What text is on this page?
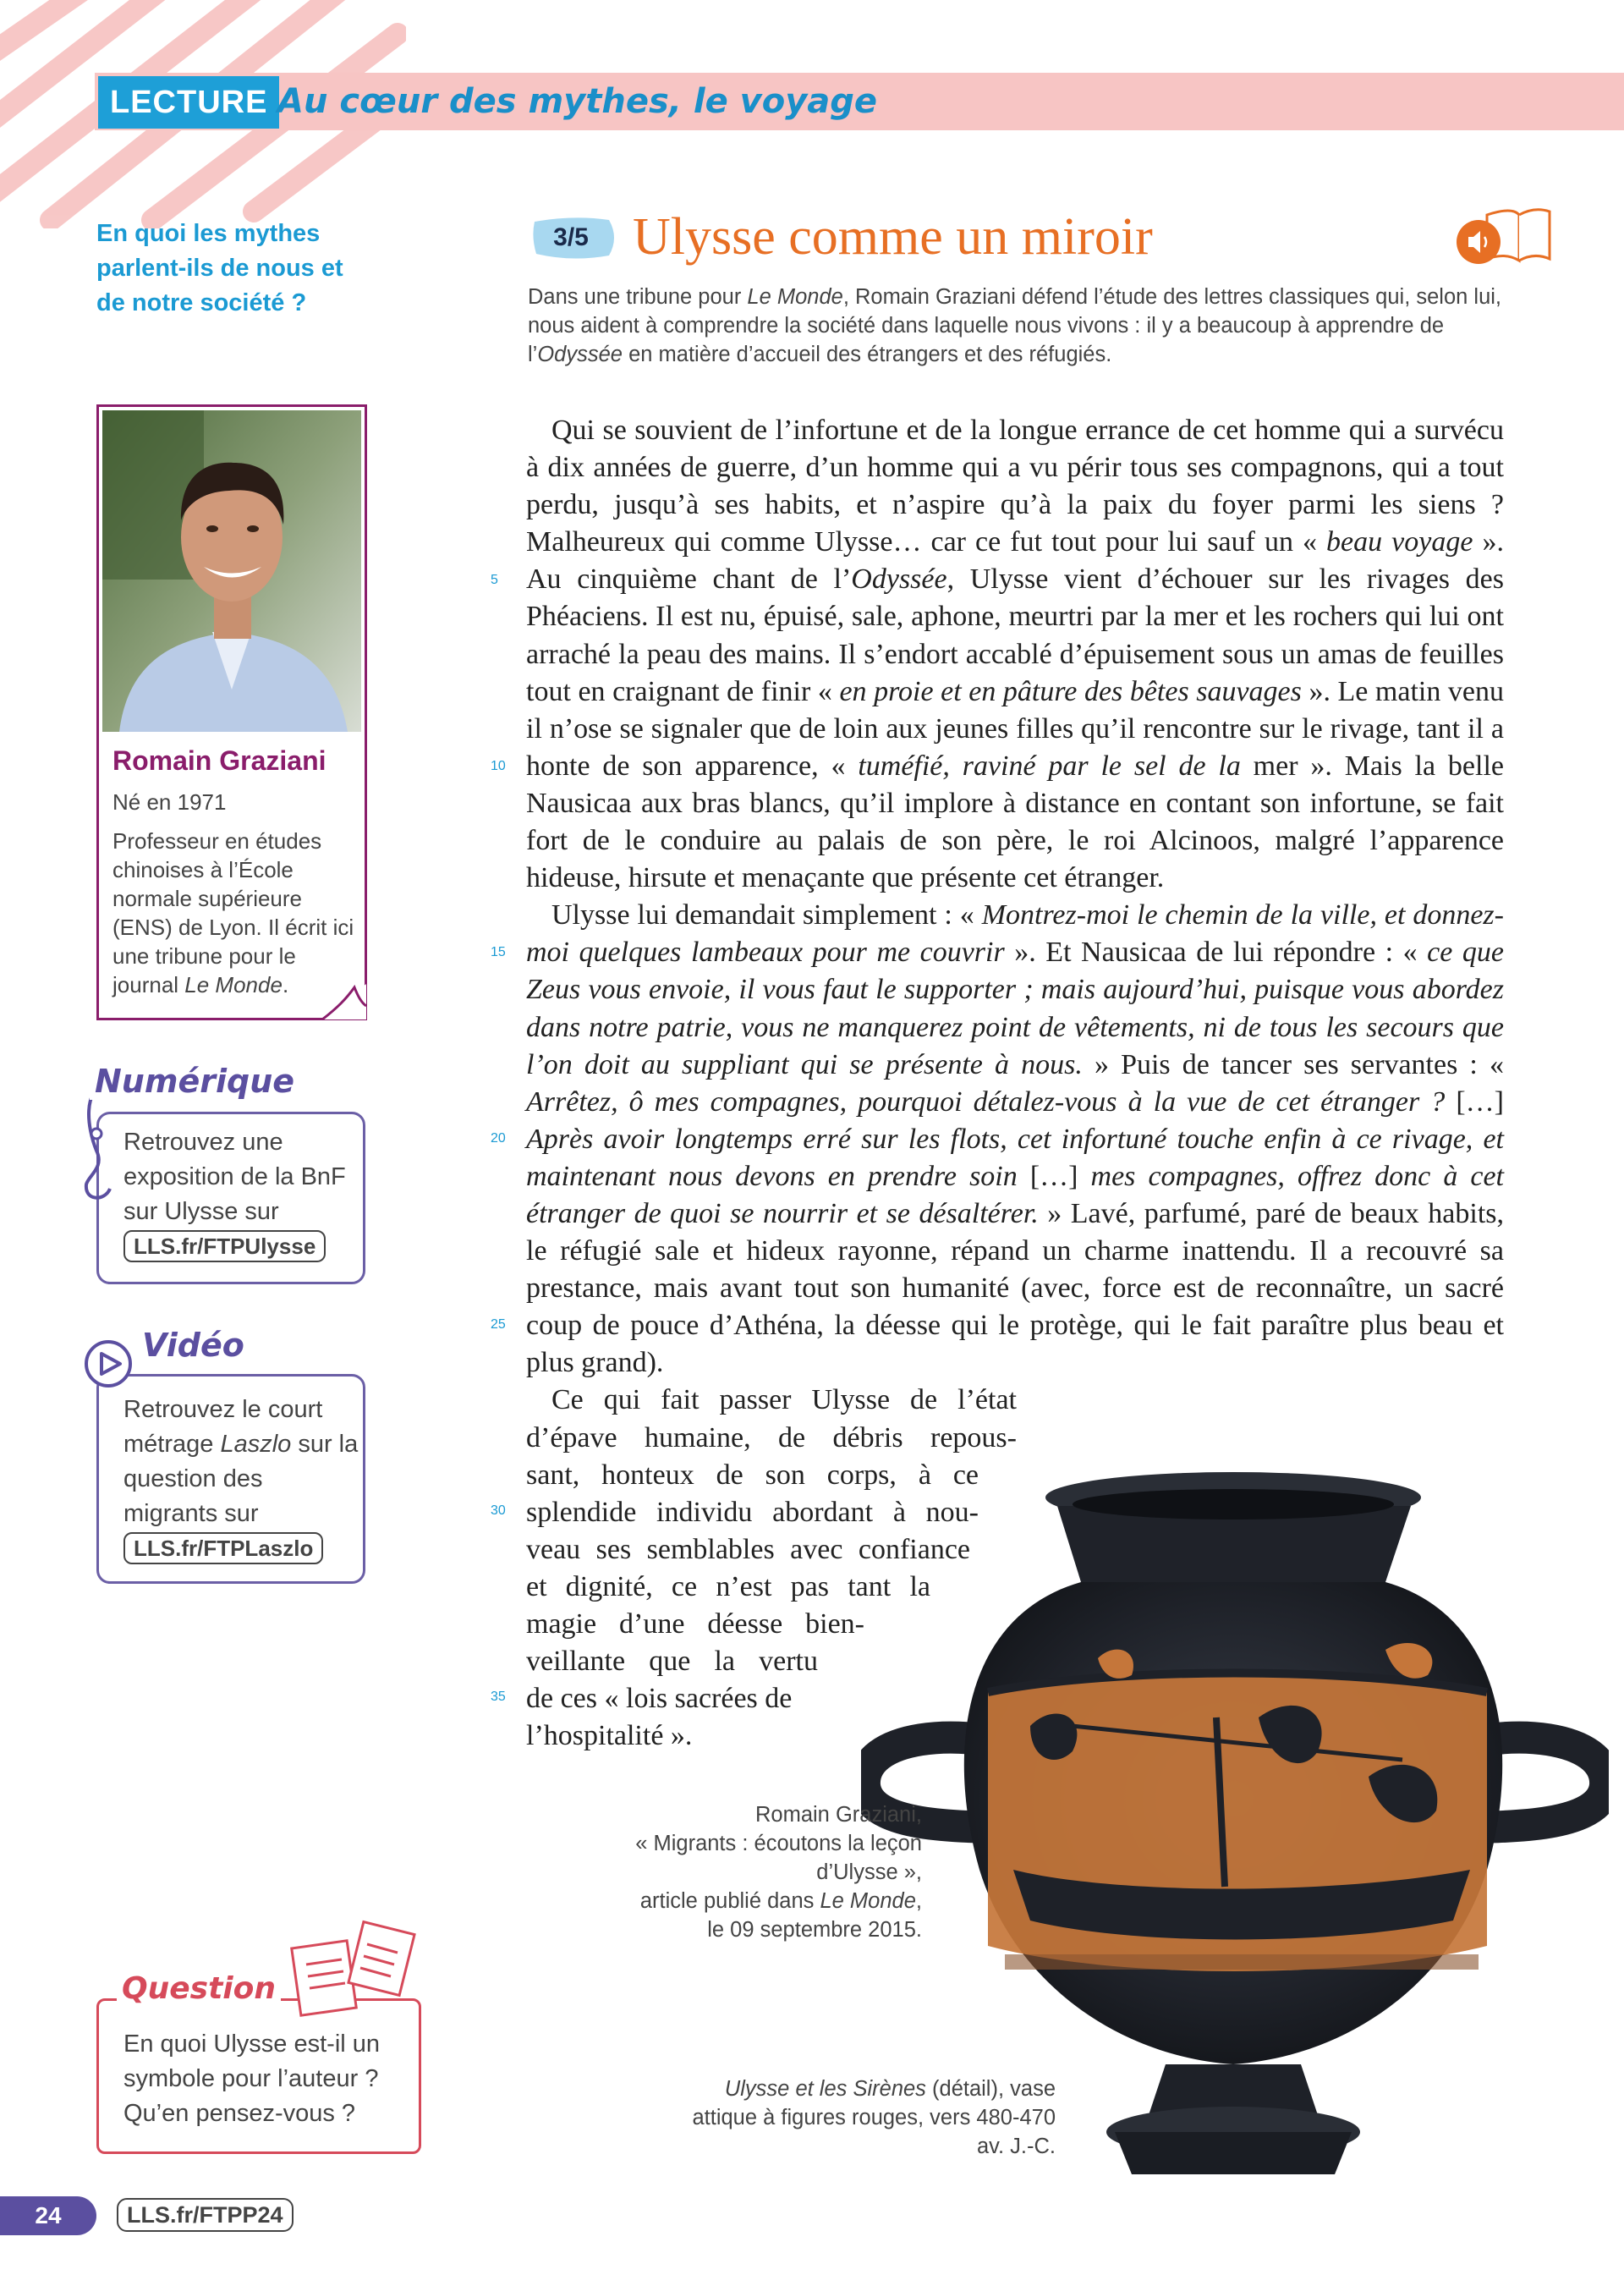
LECTURE Au cœur des mythes, le voyage
En quoi les mythes parlent-ils de nous et de notre société ?
Romain Graziani
Né en 1971
Professeur en études chinoises à l’École normale supérieure (ENS) de Lyon. Il écrit ici une tribune pour le journal Le Monde.
Numérique
Retrouvez une exposition de la BnF sur Ulysse sur
LLS.fr/FTPUlysse
Vidéo
Retrouvez le court métrage Laszlo sur la question des migrants sur
LLS.fr/FTPLaszlo
3/5 Ulysse comme un miroir
Dans une tribune pour Le Monde, Romain Graziani défend l’étude des lettres classiques qui, selon lui, nous aident à comprendre la société dans laquelle nous vivons : il y a beaucoup à apprendre de l’Odyssée en matière d’accueil des étrangers et des réfugiés.
5
10
15
20
25
30
35

Qui se souvient de l’infortune et de la longue errance de cet homme qui a survécu à dix années de guerre, d’un homme qui a vu périr tous ses compagnons, qui a tout perdu, jusqu’à ses habits, et n’aspire qu’à la paix du foyer parmi les siens ? Malheureux qui comme Ulysse… car ce fut tout pour lui sauf un « beau voyage ». Au cinquième chant de l’Odyssée, Ulysse vient d’échouer sur les rivages des Phéaciens. Il est nu, épuisé, sale, aphone, meurtri par la mer et les rochers qui lui ont arraché la peau des mains. Il s’endort accablé d’épuisement sous un amas de feuilles tout en craignant de finir « en proie et en pâture des bêtes sauvages ». Le matin venu il n’ose se signaler que de loin aux jeunes filles qu’il rencontre sur le rivage, tant il a honte de son apparence, « tuméfié, raviné par le sel de la mer ». Mais la belle Nausicaa aux bras blancs, qu’il implore à distance en contant son infortune, se fait fort de le conduire au palais de son père, le roi Alcinoos, malgré l’apparence hideuse, hirsute et menaçante que présente cet étranger.

Ulysse lui demandait simplement : « Montrez-moi le chemin de la ville, et donnez-moi quelques lambeaux pour me couvrir ». Et Nausicaa de lui répondre : « ce que Zeus vous envoie, il vous faut le supporter ; mais aujourd’hui, puisque vous abordez dans notre patrie, vous ne manquerez point de vêtements, ni de tous les secours que l’on doit au suppliant qui se présente à nous. » Puis de tancer ses servantes : « Arrêtez, ô mes compagnes, pourquoi détalez-vous à la vue de cet étranger ? […] Après avoir longtemps erré sur les flots, cet infortuné touche enfin à ce rivage, et maintenant nous devons en prendre soin […] mes compagnes, offrez donc à cet étranger de quoi se nourrir et se désaltérer. » Lavé, parfumé, paré de beaux habits, le réfugié sale et hideux rayonne, répand un charme inattendu. Il a recouvré sa prestance, mais avant tout son humanité (avec, force est de reconnaître, un sacré coup de pouce d’Athéna, la déesse qui le protège, qui le fait paraître plus beau et plus grand).

Ce qui fait passer Ulysse de l’état
d’épave humaine, de débris repous-
sant, honteux de son corps, à ce
splendide individu abordant à nou-
veau ses semblables avec confiance
et dignité, ce n’est pas tant la
magie d’une déesse bien-
veillante que la vertu
de ces « lois sacrées de
l’hospitalité ».
Romain Graziani,
« Migrants : écoutons la leçon d’Ulysse »,
article publié dans Le Monde,
le 09 septembre 2015.
Ulysse et les Sirènes (détail), vase attique à figures rouges, vers 480-470 av. J.-C.
Question
En quoi Ulysse est-il un symbole pour l’auteur ? Qu’en pensez-vous ?
24	LLS.fr/FTPP24
